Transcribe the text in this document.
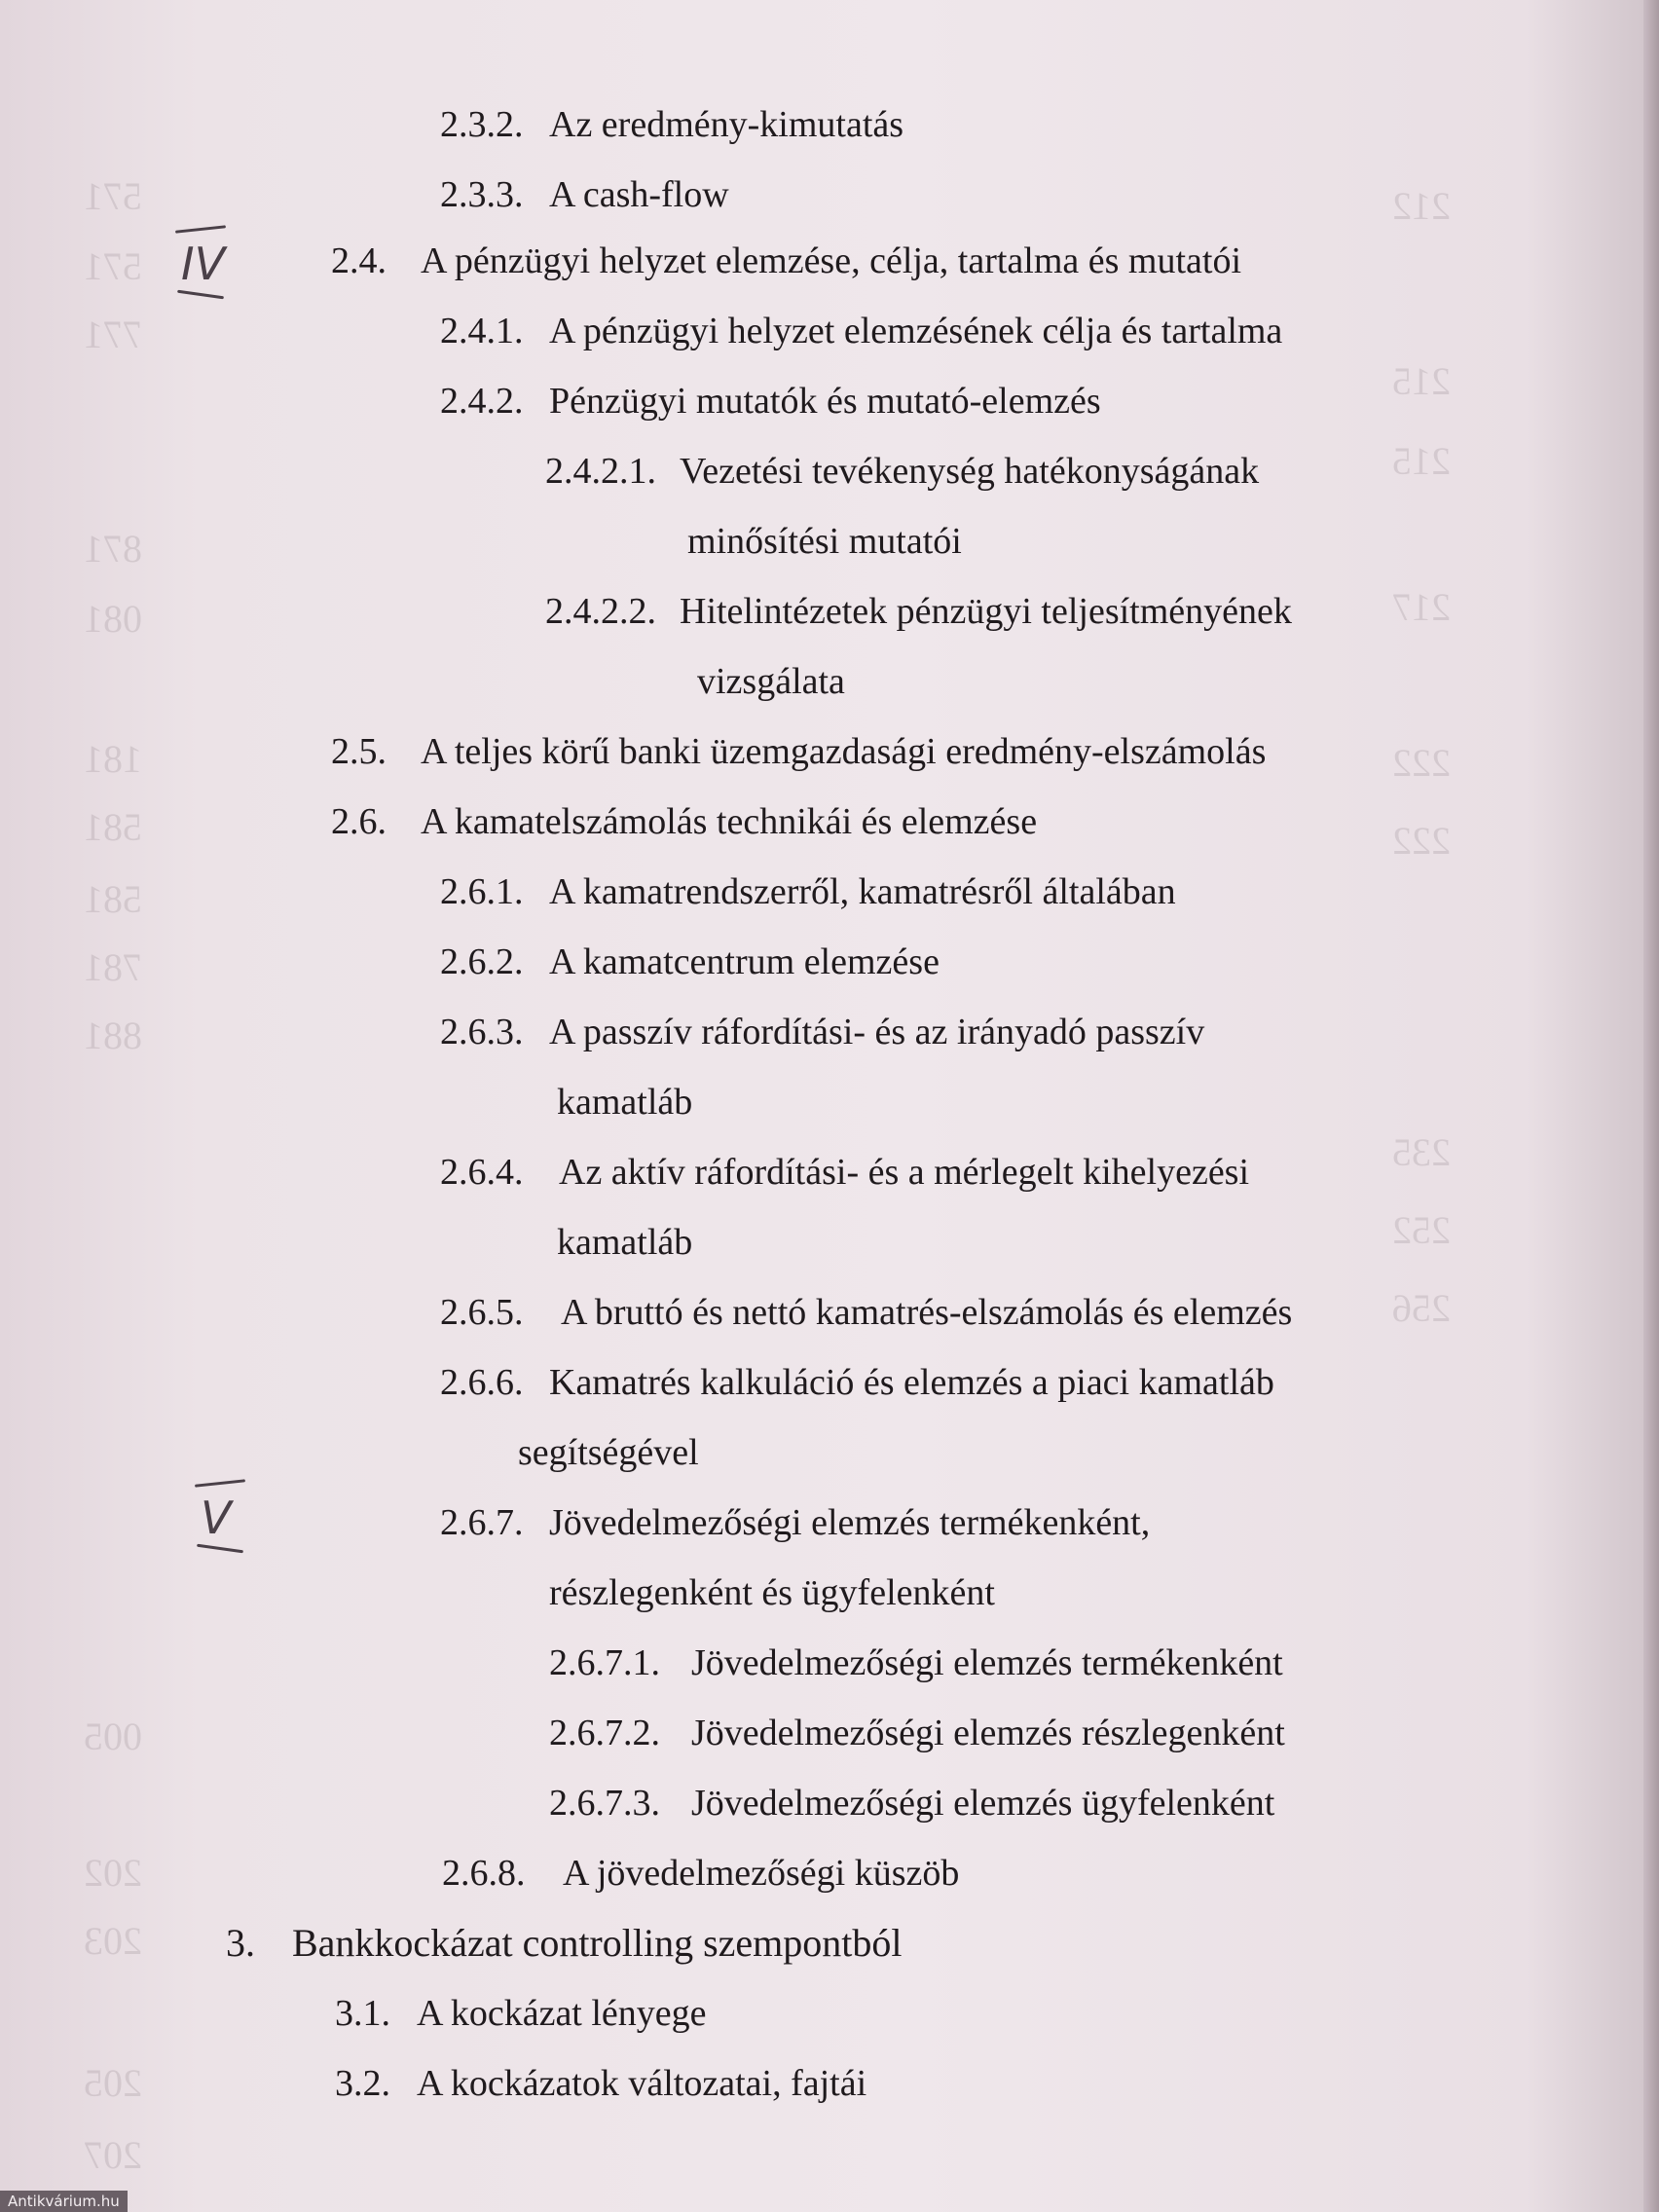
571
571
771
871
081
181
581
581
781
881
005
202
203
205
207
212
215
215
217
222
222
235
252
256
2.3.2. Az eredmény-kimutatás
2.3.3. A cash-flow
2.4. A pénzügyi helyzet elemzése, célja, tartalma és mutatói
2.4.1. A pénzügyi helyzet elemzésének célja és tartalma
2.4.2. Pénzügyi mutatók és mutató-elemzés
2.4.2.1. Vezetési tevékenység hatékonyságának
minősítési mutatói
2.4.2.2. Hitelintézetek pénzügyi teljesítményének
vizsgálata
2.5. A teljes körű banki üzemgazdasági eredmény-elszámolás
2.6. A kamatelszámolás technikái és elemzése
2.6.1. A kamatrendszerről, kamatrésről általában
2.6.2. A kamatcentrum elemzése
2.6.3. A passzív ráfordítási- és az irányadó passzív
kamatláb
2.6.4. Az aktív ráfordítási- és a mérlegelt kihelyezési
kamatláb
2.6.5. A bruttó és nettó kamatrés-elszámolás és elemzés
2.6.6. Kamatrés kalkuláció és elemzés a piaci kamatláb
segítségével
2.6.7. Jövedelmezőségi elemzés termékenként,
részlegenként és ügyfelenként
2.6.7.1. Jövedelmezőségi elemzés termékenként
2.6.7.2. Jövedelmezőségi elemzés részlegenként
2.6.7.3. Jövedelmezőségi elemzés ügyfelenként
2.6.8. A jövedelmezőségi küszöb
3. Bankkockázat controlling szempontból
3.1. A kockázat lényege
3.2. A kockázatok változatai, fajtái
IV
V
Antikvárium.hu
